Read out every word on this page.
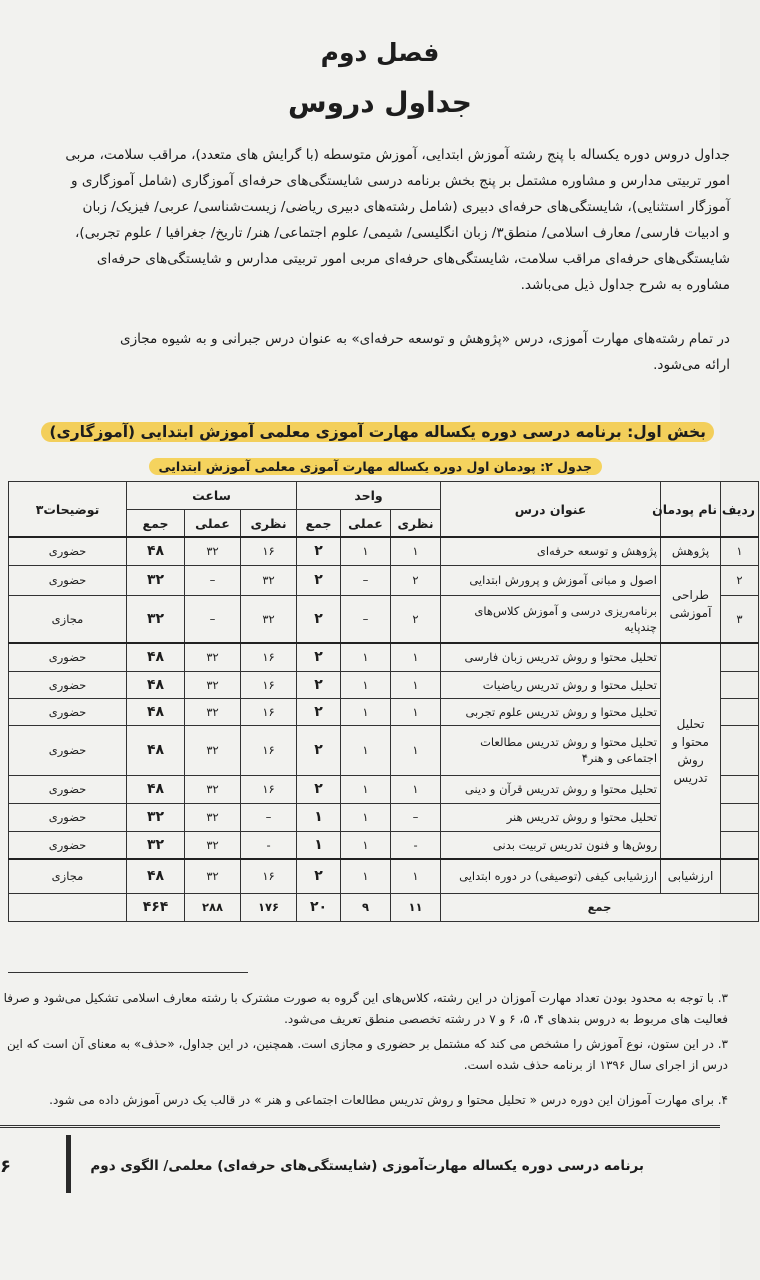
فصل دوم
جداول دروس
جداول دروس دوره یکساله با پنج رشته آموزش ابتدایی، آموزش متوسطه (با گرایش های متعدد)، مراقب سلامت، مربی
امور تربیتی مدارس و مشاوره مشتمل بر پنج بخش برنامه درسی شایستگی‌های حرفه‌ای آموزگاری (شامل آموزگاری و
آموزگار استثنایی)، شایستگی‌های حرفه‌ای دبیری (شامل رشته‌های دبیری ریاضی/ زیست‌شناسی/ عربی/ فیزیک/ زبان
و ادبیات فارسی/ معارف اسلامی/ منطق۳/ زبان انگلیسی/ شیمی/ علوم اجتماعی/ هنر/ تاریخ/ جغرافیا / علوم تجربی)،
شایستگی‌های حرفه‌ای مراقب سلامت، شایستگی‌های حرفه‌ای مربی امور تربیتی مدارس و شایستگی‌های حرفه‌ای
مشاوره به شرح جداول ذیل می‌باشد.
در تمام رشته‌های مهارت آموزی، درس «پژوهش و توسعه حرفه‌ای» به عنوان درس جبرانی و به شیوه مجازی
ارائه می‌شود.
بخش اول: برنامه درسی دوره یکساله مهارت آموزی معلمی آموزش ابتدایی (آموزگاری)
جدول ۲: پودمان اول دوره یکساله مهارت آموزی معلمی آموزش ابتدایی
ردیف	نام پودمان	عنوان درس	واحد			ساعت			توضیحات۳
			نظری	عملی	جمع	نظری	عملی	جمع	
۱	پژوهش	پژوهش و توسعه حرفه‌ای	۱	۱	۲	۱۶	۳۲	۴۸	حضوری
۲	طراحی آموزشی	اصول و مبانی آموزش و پرورش ابتدایی	۲	–	۲	۳۲	–	۳۲	حضوری
۳		برنامه‌ریزی درسی و آموزش کلاس‌های چندپایه	۲	–	۲	۳۲	–	۳۲	مجازی
	تحلیل محتوا و روش تدریس	تحلیل محتوا و روش تدریس زبان فارسی	۱	۱	۲	۱۶	۳۲	۴۸	حضوری
		تحلیل محتوا و روش تدریس ریاضیات	۱	۱	۲	۱۶	۳۲	۴۸	حضوری
		تحلیل محتوا و روش تدریس علوم تجربی	۱	۱	۲	۱۶	۳۲	۴۸	حضوری
		تحلیل محتوا و روش تدریس مطالعات اجتماعی و هنر۴	۱	۱	۲	۱۶	۳۲	۴۸	حضوری
		تحلیل محتوا و روش تدریس قرآن و دینی	۱	۱	۲	۱۶	۳۲	۴۸	حضوری
		تحلیل محتوا و روش تدریس هنر	–	۱	۱	–	۳۲	۳۲	حضوری
		روش‌ها و فنون تدریس تربیت بدنی	-	۱	۱	-	۳۲	۳۲	حضوری
	ارزشیابی	ارزشیابی کیفی (توصیفی) در دوره ابتدایی	۱	۱	۲	۱۶	۳۲	۴۸	مجازی
جمع			۱۱	۹	۲۰	۱۷۶	۲۸۸	۴۶۴	
۳. با توجه به محدود بودن تعداد مهارت آموزان در این رشته، کلاس‌های این گروه به صورت مشترک با رشته معارف اسلامی تشکیل می‌شود و صرفا
فعالیت های مربوط به دروس بندهای ۴، ۵، ۶ و ۷ در رشته تخصصی منطق تعریف می‌شود.
۳. در این ستون، نوع آموزش را مشخص می کند که مشتمل بر حضوری و مجازی است. همچنین، در این جداول، «حذف» به معنای آن است که این
درس از اجرای سال ۱۳۹۶ از برنامه حذف شده است.
۴. برای مهارت آموزان این دوره درس « تحلیل محتوا و روش تدریس مطالعات اجتماعی و هنر » در قالب یک درس آموزش داده می شود.
۶	برنامه درسی دوره یکساله مهارت‌آموزی (شایستگی‌های حرفه‌ای) معلمی/ الگوی دوم
